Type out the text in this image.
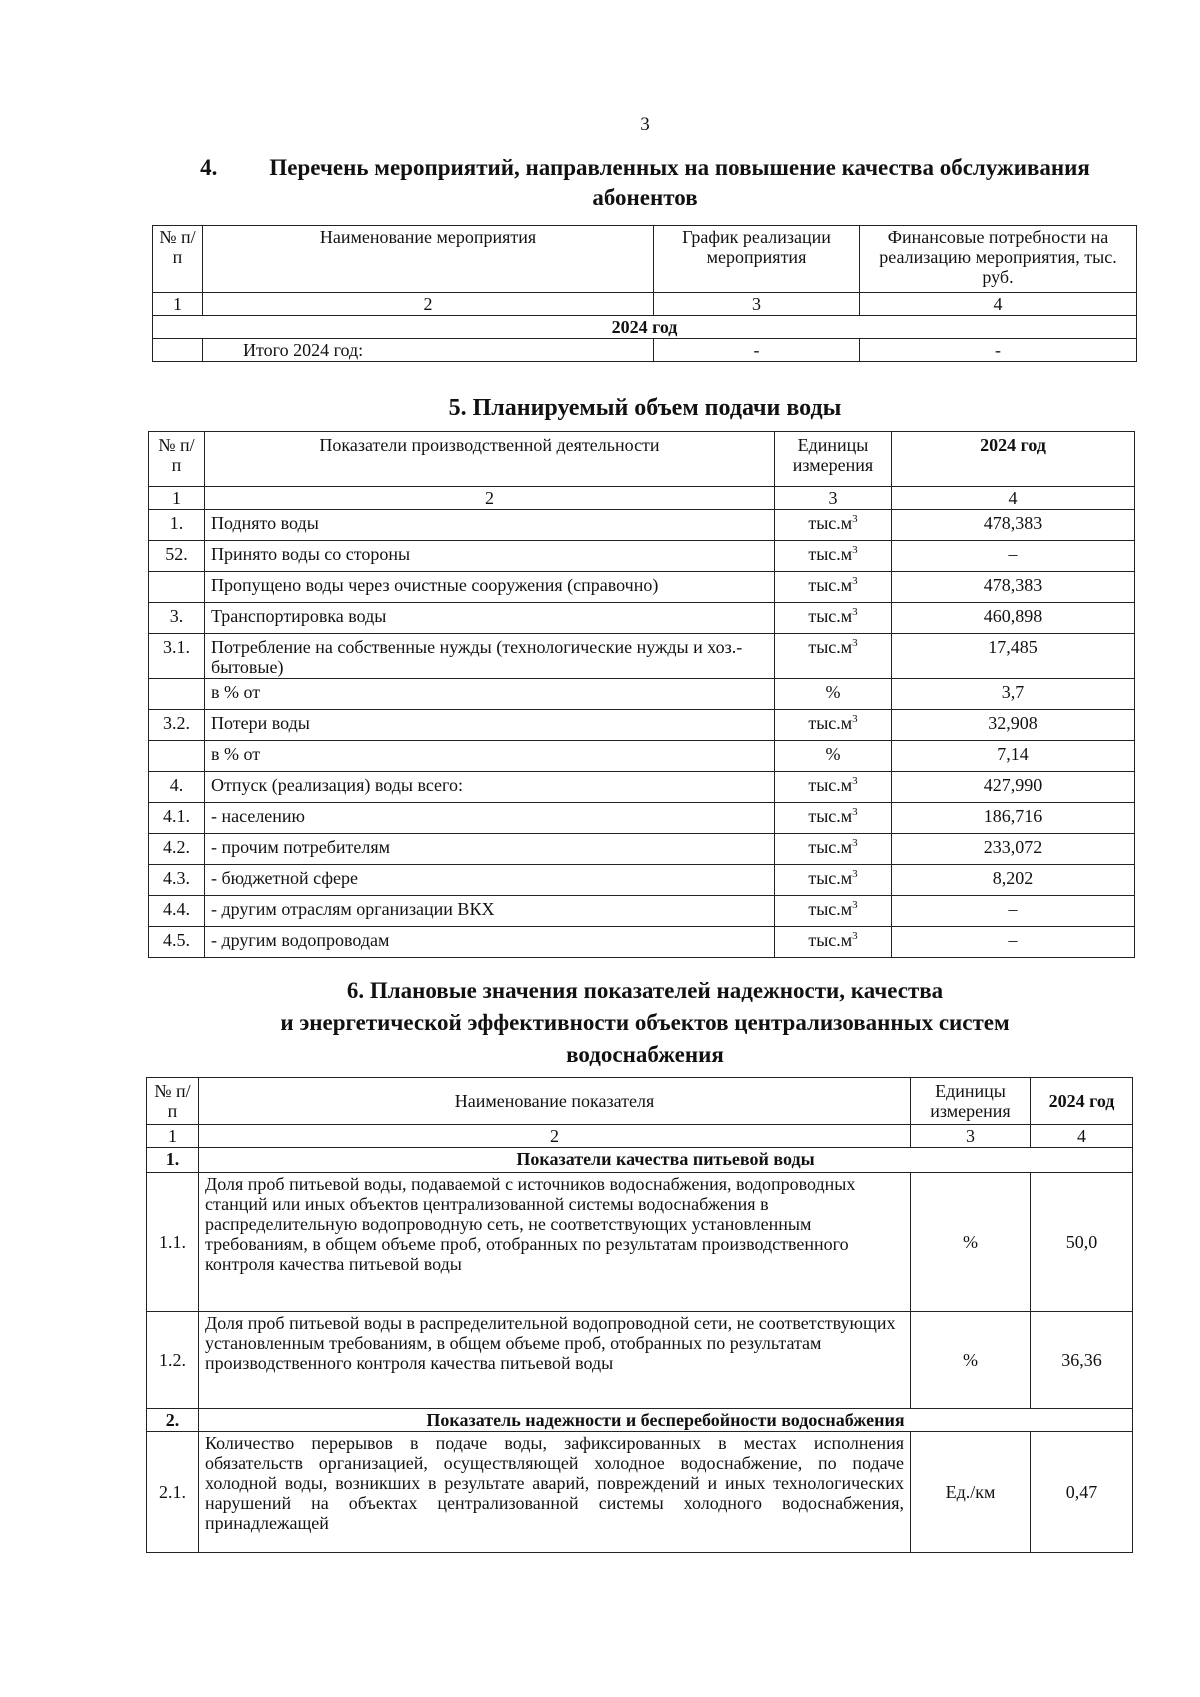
3
4. Перечень мероприятий, направленных на повышение качества обслуживания абонентов
№ п/п	Наименование мероприятия	График реализации мероприятия	Финансовые потребности на реализацию мероприятия, тыс. руб.
1	2	3	4
2024 год			
	Итого 2024 год:	-	-
5. Планируемый объем подачи воды
№ п/п	Показатели производственной деятельности	Единицы измерения	2024 год
1	2	3	4
1.	Поднято воды	$тыс.м^3$	478,383
52.	Принято воды со стороны	$тыс.м^3$	–
	Пропущено воды через очистные сооружения (справочно)	$тыс.м^3$	478,383
3.	Транспортировка воды	$тыс.м^3$	460,898
3.1.	Потребление на собственные нужды (технологические нужды и хоз.-бытовые)	$тыс.м^3$	17,485
	в % от	%	3,7
3.2.	Потери воды	$тыс.м^3$	32,908
	в % от	%	7,14
4.	Отпуск (реализация) воды всего:	$тыс.м^3$	427,990
4.1.	- населению	$тыс.м^3$	186,716
4.2.	- прочим потребителям	$тыс.м^3$	233,072
4.3.	- бюджетной сфере	$тыс.м^3$	8,202
4.4.	- другим отраслям организации ВКХ	$тыс.м^3$	–
4.5.	- другим водопроводам	$тыс.м^3$	–
6. Плановые значения показателей надежности, качества
и энергетической эффективности объектов централизованных систем
водоснабжения
№ п/п	Наименование показателя	Единицы измерения	2024 год
1	2	3	4
1.	Показатели качества питьевой воды		
1.1.	Доля проб питьевой воды, подаваемой с источников водоснабжения, водопроводных станций или иных объектов централизованной системы водоснабжения в распределительную водопроводную сеть, не соответствующих установленным требованиям, в общем объеме проб, отобранных по результатам производственного контроля качества питьевой воды	%	50,0
1.2.	Доля проб питьевой воды в распределительной водопроводной сети, не соответствующих установленным требованиям, в общем объеме проб, отобранных по результатам производственного контроля качества питьевой воды	%	36,36
2.	Показатель надежности и бесперебойности водоснабжения		
2.1.	Количество перерывов в подаче воды, зафиксированных в местах исполнения обязательств организацией, осуществляющей холодное водоснабжение, по подаче холодной воды, возникших в результате аварий, повреждений и иных технологических нарушений на объектах централизованной системы холодного водоснабжения, принадлежащей	Ед./км	0,47
